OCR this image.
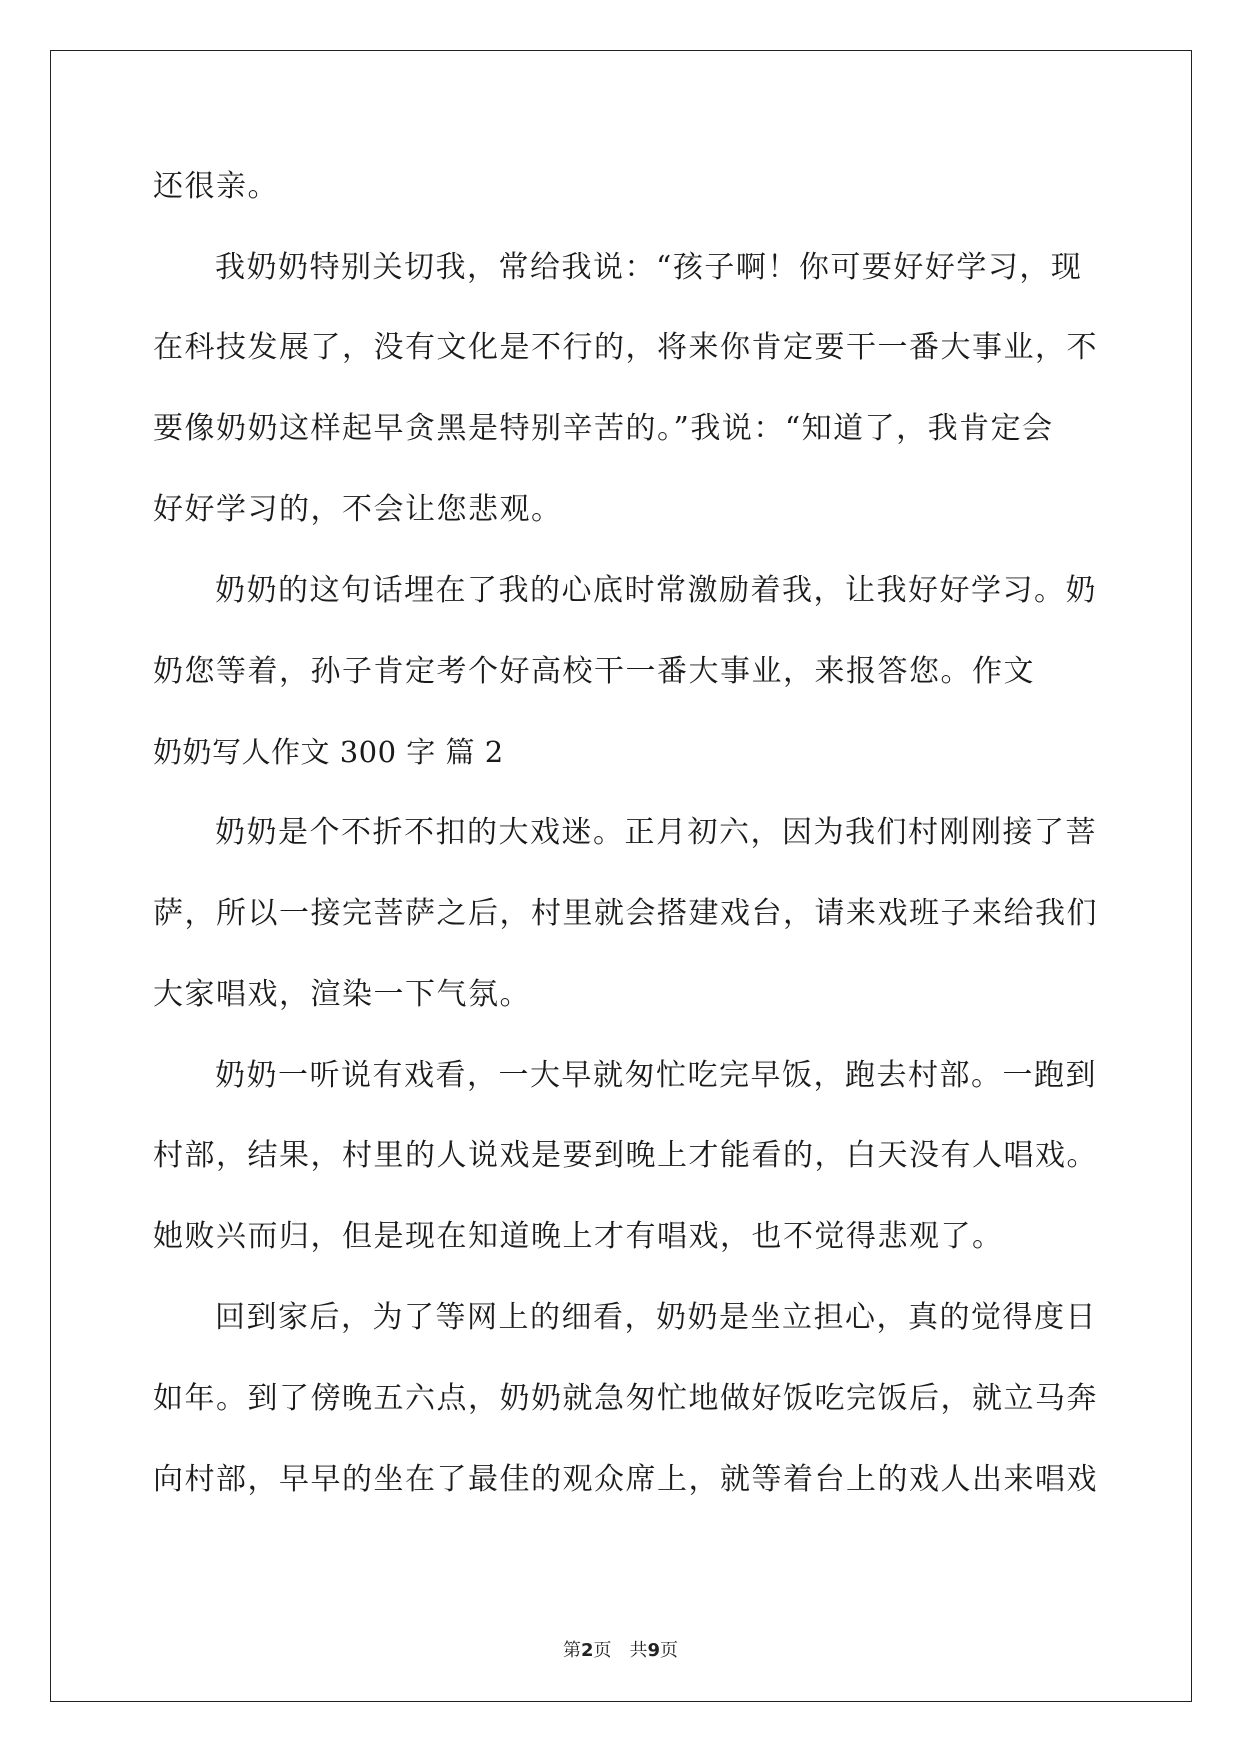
还很亲。
我奶奶特别关切我，常给我说：“孩子啊！你可要好好学习，现
在科技发展了，没有文化是不行的，将来你肯定要干一番大事业，不
要像奶奶这样起早贪黑是特别辛苦的。”我说：“知道了，我肯定会
好好学习的，不会让您悲观。
奶奶的这句话埋在了我的心底时常激励着我，让我好好学习。奶
奶您等着，孙子肯定考个好高校干一番大事业，来报答您。作文
奶奶写人作文 300 字 篇 2
奶奶是个不折不扣的大戏迷。正月初六，因为我们村刚刚接了菩
萨，所以一接完菩萨之后，村里就会搭建戏台，请来戏班子来给我们
大家唱戏，渲染一下气氛。
奶奶一听说有戏看，一大早就匆忙吃完早饭，跑去村部。一跑到
村部，结果，村里的人说戏是要到晚上才能看的，白天没有人唱戏。
她败兴而归，但是现在知道晚上才有唱戏，也不觉得悲观了。
回到家后，为了等网上的细看，奶奶是坐立担心，真的觉得度日
如年。到了傍晚五六点，奶奶就急匆忙地做好饭吃完饭后，就立马奔
向村部，早早的坐在了最佳的观众席上，就等着台上的戏人出来唱戏
第2页　共9页
